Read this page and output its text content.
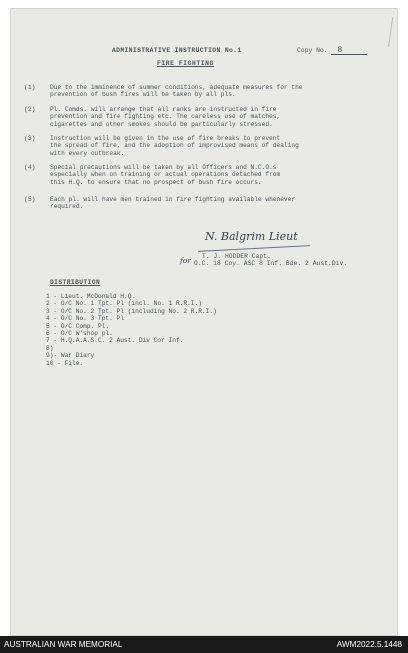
ADMINISTRATIVE INSTRUCTION No.1	Copy No. 8
FIRE FIGHTING
(1) Due to the imminence of summer conditions, adequate measures for the
prevention of bush fires will be taken by all pls.
(2) Pl. Comds. will arrange that all ranks are instructed in fire
prevention and fire fighting etc. The careless use of matches,
cigarettes and other smokes should be particularly stressed.
(3) Instruction will be given in the use of fire breaks to prevent
the spread of fire, and the adoption of improvised means of dealing
with every outbreak.
(4) Special precautions will be taken by all Officers and N.C.O.s
especially when on training or actual operations detached from
this H.Q. to ensure that no prospect of bush fire occurs.
(5) Each pl. will have men trained in fire fighting available whenever
required.
N. Balgrim Lieut
for	T. J. HODDER Capt.
O.C. 18 Coy. ASC 8 Inf. Bde. 2 Aust.Div.
DISTRIBUTION
1 - Lieut. McDonald H.Q.
2 - O/C No. 1 Tpt. Pl (incl. No. 1 R.R.I.)
3 - O/C No. 2 Tpt. Pl (including No. 2 R.R.I.)
4 - O/C No. 3 Tpt. Pl
5 - O/C Comp. Pl.
6 - O/C W'shop pl.
7 - H.Q.A.A.S.C. 2 Aust. Div Cor Inf.
8)
9)- War Diary
10 - File.
AUSTRALIAN WAR MEMORIAL	AWM2022.5.1448
